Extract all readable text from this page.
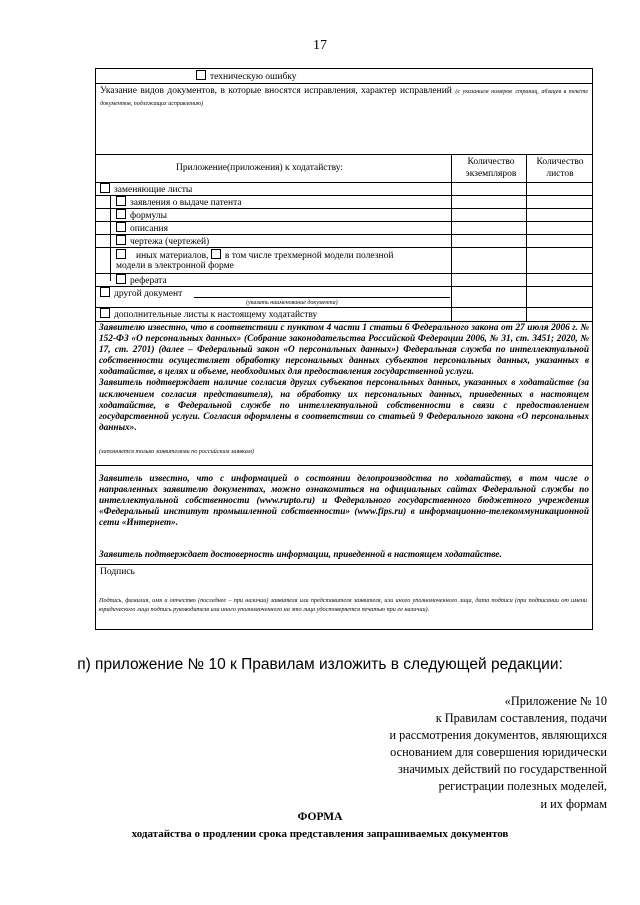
17
техническую ошибку
Указание видов документов, в которые вносятся исправления, характер исправлений (с указанием номеров страниц, абзацев в тексте документов, подлежащих исправлению)
Приложение(приложения) к ходатайству:
Количество
экземпляров
Количество
листов
заменяющие листы
заявления о выдаче патента
формулы
описания
чертежа (чертежей)
иных материалов, в том числе трехмерной модели полезной
модели в электронной форме
реферата
другой документ
(указать наименование документа)
дополнительные листы к настоящему ходатайству

Заявителю известно, что в соответствии с пунктом 4 части 1 статьи 6 Федерального закона от 27 июля 2006 г. № 152-ФЗ «О персональных данных» (Собрание законодательства Российской Федерации 2006, № 31, ст. 3451; 2020, № 17, ст. 2701) (далее – Федеральный закон «О персональных данных») Федеральная служба по интеллектуальной собственности осуществляет обработку персональных данных субъектов персональных данных, указанных в ходатайстве, в целях и объеме, необходимых для предоставления государственной услуги.

Заявитель подтверждает наличие согласия других субъектов персональных данных, указанных в ходатайстве (за исключением согласия представителя), на обработку их персональных данных, приведенных в настоящем ходатайстве, в Федеральной службе по интеллектуальной собственности в связи с предоставлением государственной услуги. Согласия оформлены в соответствии со статьей 9 Федерального закона «О персональных данных».

(заполняется только заявителями по российским заявкам)
Заявитель известно, что с информацией о состоянии делопроизводства по ходатайству, в том числе о направленных заявителю документах, можно ознакомиться на официальных сайтах Федеральной службы по интеллектуальной собственности (www.rupto.ru) и Федерального государственного бюджетного учреждения «Федеральный институт промышленной собственности» (www.fips.ru) в информационно-телекоммуникационной сети «Интернет».
Заявитель подтверждает достоверность информации, приведенной в настоящем ходатайстве.
Подпись
Подпись, фамилия, имя и отчество (последнее – при наличии) заявителя или представителя заявителя, или иного уполномоченного лица, дата подписи (при подписании от имени юридического лица подпись руководителя или иного уполномоченного на это лица удостоверяется печатью при ее наличии).
п) приложение № 10 к Правилам изложить в следующей редакции:
«Приложение № 10
к Правилам составления, подачи
и рассмотрения документов, являющихся
основанием для совершения юридически
значимых действий по государственной
регистрации полезных моделей,
и их формам
ФОРМА
ходатайства о продлении срока представления запрашиваемых документов
